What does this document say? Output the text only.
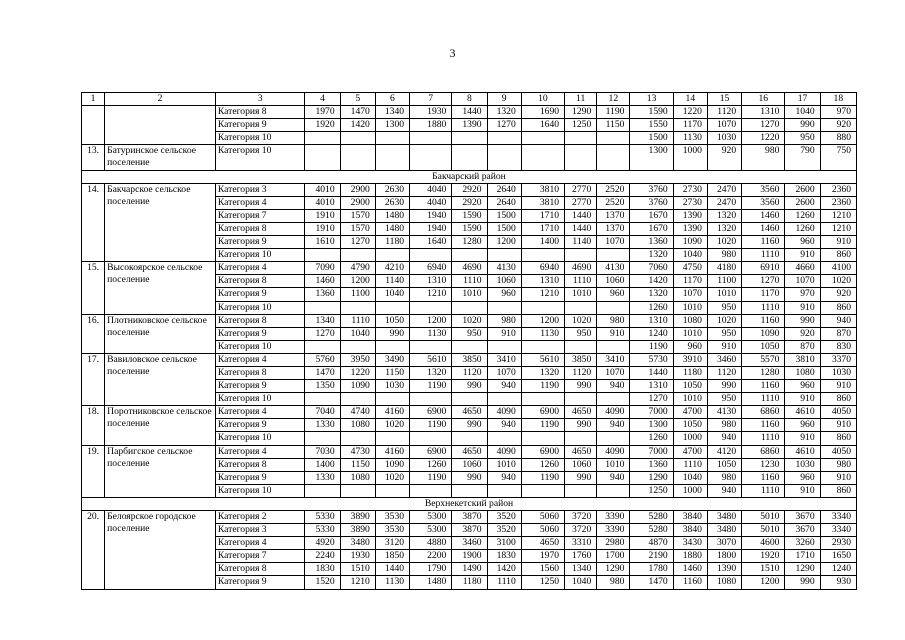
3
1	2	3	4	5	6	7	8	9	10	11	12	13	14	15	16	17	18
		Категория 8	1970	1470	1340	1930	1440	1320	1690	1290	1190	1590	1220	1120	1310	1040	970
		Категория 9	1920	1420	1300	1880	1390	1270	1640	1250	1150	1550	1170	1070	1270	990	920
		Категория 10										1500	1130	1030	1220	950	880
13.	Батуринское сельское поселение	Категория 10										1300	1000	920	980	790	750
Бакчарский район																	
14.	Бакчарское сельское поселение	Категория 3	4010	2900	2630	4040	2920	2640	3810	2770	2520	3760	2730	2470	3560	2600	2360
		Категория 4	4010	2900	2630	4040	2920	2640	3810	2770	2520	3760	2730	2470	3560	2600	2360
		Категория 7	1910	1570	1480	1940	1590	1500	1710	1440	1370	1670	1390	1320	1460	1260	1210
		Категория 8	1910	1570	1480	1940	1590	1500	1710	1440	1370	1670	1390	1320	1460	1260	1210
		Категория 9	1610	1270	1180	1640	1280	1200	1400	1140	1070	1360	1090	1020	1160	960	910
		Категория 10										1320	1040	980	1110	910	860
15.	Высокоярское сельское поселение	Категория 4	7090	4790	4210	6940	4690	4130	6940	4690	4130	7060	4750	4180	6910	4660	4100
		Категория 8	1460	1200	1140	1310	1110	1060	1310	1110	1060	1420	1170	1100	1270	1070	1020
		Категория 9	1360	1100	1040	1210	1010	960	1210	1010	960	1320	1070	1010	1170	970	920
		Категория 10										1260	1010	950	1110	910	860
16.	Плотниковское сельское поселение	Категория 8	1340	1110	1050	1200	1020	980	1200	1020	980	1310	1080	1020	1160	990	940
		Категория 9	1270	1040	990	1130	950	910	1130	950	910	1240	1010	950	1090	920	870
		Категория 10										1190	960	910	1050	870	830
17.	Вавиловское сельское поселение	Категория 4	5760	3950	3490	5610	3850	3410	5610	3850	3410	5730	3910	3460	5570	3810	3370
		Категория 8	1470	1220	1150	1320	1120	1070	1320	1120	1070	1440	1180	1120	1280	1080	1030
		Категория 9	1350	1090	1030	1190	990	940	1190	990	940	1310	1050	990	1160	960	910
		Категория 10										1270	1010	950	1110	910	860
18.	Поротниковское сельское поселение	Категория 4	7040	4740	4160	6900	4650	4090	6900	4650	4090	7000	4700	4130	6860	4610	4050
		Категория 9	1330	1080	1020	1190	990	940	1190	990	940	1300	1050	980	1160	960	910
		Категория 10										1260	1000	940	1110	910	860
19.	Парбигское сельское поселение	Категория 4	7030	4730	4160	6900	4650	4090	6900	4650	4090	7000	4700	4120	6860	4610	4050
		Категория 8	1400	1150	1090	1260	1060	1010	1260	1060	1010	1360	1110	1050	1230	1030	980
		Категория 9	1330	1080	1020	1190	990	940	1190	990	940	1290	1040	980	1160	960	910
		Категория 10										1250	1000	940	1110	910	860
Верхнекетский район																	
20.	Белоярское городское поселение	Категория 2	5330	3890	3530	5300	3870	3520	5060	3720	3390	5280	3840	3480	5010	3670	3340
		Категория 3	5330	3890	3530	5300	3870	3520	5060	3720	3390	5280	3840	3480	5010	3670	3340
		Категория 4	4920	3480	3120	4880	3460	3100	4650	3310	2980	4870	3430	3070	4600	3260	2930
		Категория 7	2240	1930	1850	2200	1900	1830	1970	1760	1700	2190	1880	1800	1920	1710	1650
		Категория 8	1830	1510	1440	1790	1490	1420	1560	1340	1290	1780	1460	1390	1510	1290	1240
		Категория 9	1520	1210	1130	1480	1180	1110	1250	1040	980	1470	1160	1080	1200	990	930
